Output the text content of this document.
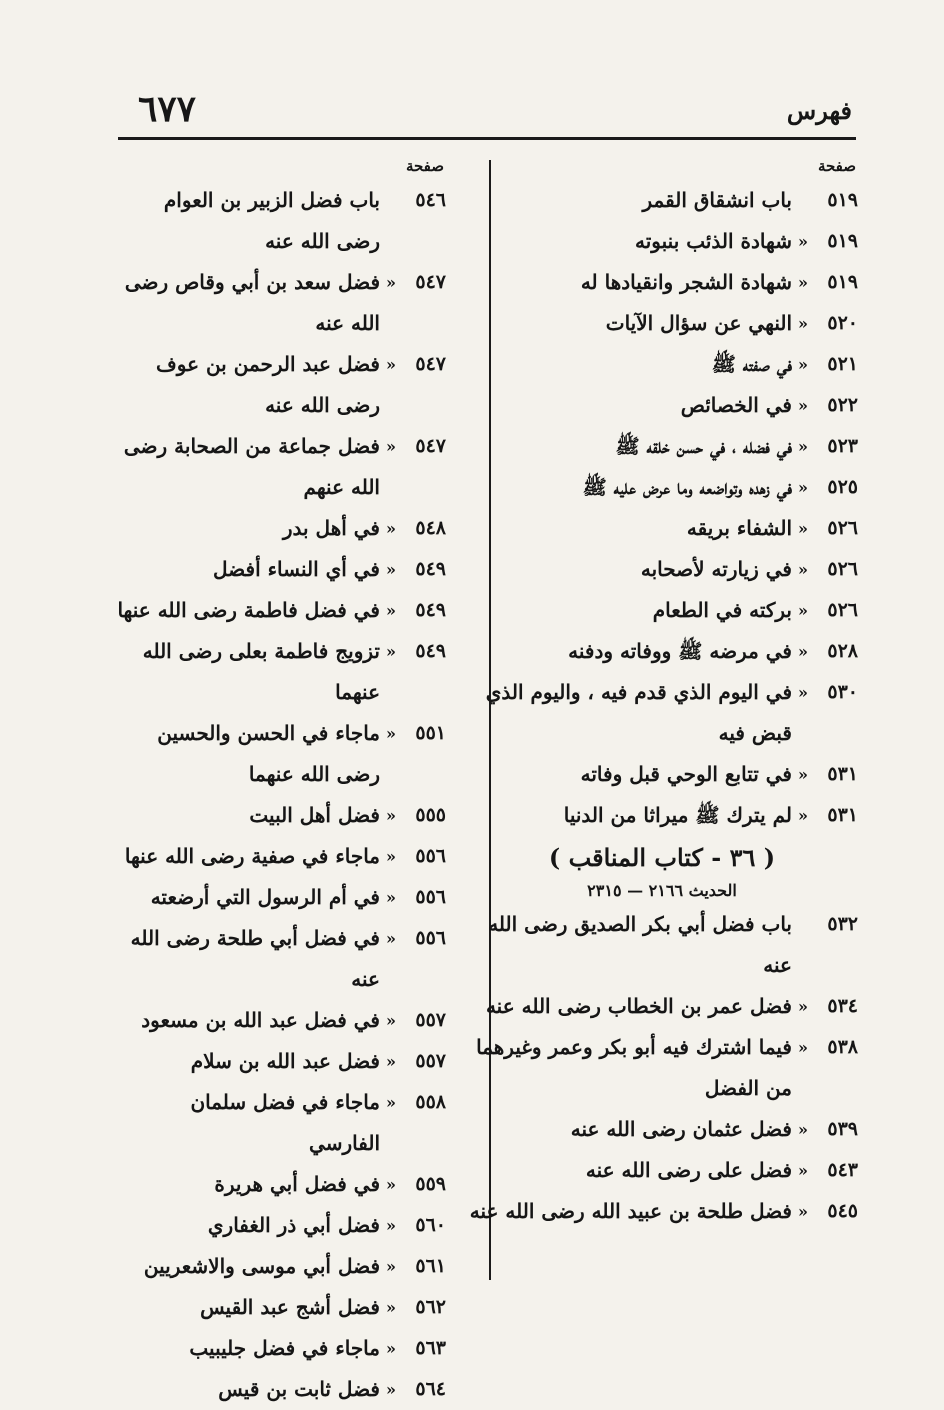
فهرس
٦٧٧
صفحة
٥١٩
باب انشقاق القمر
٥١٩
«
شهادة الذئب بنبوته
٥١٩
«
شهادة الشجر وانقيادها له
٥٢٠
«
النهي عن سؤال الآيات
٥٢١
«
في صفته ﷺ
٥٢٢
«
في الخصائص
٥٢٣
«
في فضله ، في حسن خلقه ﷺ
٥٢٥
«
في زهده وتواضعه وما عرض عليه ﷺ
٥٢٦
«
الشفاء بريقه
٥٢٦
«
في زيارته لأصحابه
٥٢٦
«
بركته في الطعام
٥٢٨
«
في مرضه ﷺ ووفاته ودفنه
٥٣٠
«
في اليوم الذي قدم فيه ، واليوم الذي قبض فيه
٥٣١
«
في تتابع الوحي قبل وفاته
٥٣١
«
لم يترك ﷺ ميراثا من الدنيا
( ٣٦ - كتاب المناقب )
الحديث ٢١٦٦ — ٢٣١٥
٥٣٢
باب فضل أبي بكر الصديق رضى الله عنه
٥٣٤
«
فضل عمر بن الخطاب رضى الله عنه
٥٣٨
«
فيما اشترك فيه أبو بكر وعمر وغيرهما من الفضل
٥٣٩
«
فضل عثمان رضى الله عنه
٥٤٣
«
فضل على رضى الله عنه
٥٤٥
«
فضل طلحة بن عبيد الله رضى الله عنه
صفحة
٥٤٦
باب فضل الزبير بن العوام رضى الله عنه
٥٤٧
«
فضل سعد بن أبي وقاص رضى الله عنه
٥٤٧
«
فضل عبد الرحمن بن عوف رضى الله عنه
٥٤٧
«
فضل جماعة من الصحابة رضى الله عنهم
٥٤٨
«
في أهل بدر
٥٤٩
«
في أي النساء أفضل
٥٤٩
«
في فضل فاطمة رضى الله عنها
٥٤٩
«
تزويج فاطمة بعلى رضى الله عنهما
٥٥١
«
ماجاء في الحسن والحسين رضى الله عنهما
٥٥٥
«
فضل أهل البيت
٥٥٦
«
ماجاء في صفية رضى الله عنها
٥٥٦
«
في أم الرسول التي أرضعته
٥٥٦
«
في فضل أبي طلحة رضى الله عنه
٥٥٧
«
في فضل عبد الله بن مسعود
٥٥٧
«
فضل عبد الله بن سلام
٥٥٨
«
ماجاء في فضل سلمان الفارسي
٥٥٩
«
في فضل أبي هريرة
٥٦٠
«
فضل أبي ذر الغفاري
٥٦١
«
فضل أبي موسى والاشعريين
٥٦٢
«
فضل أشج عبد القيس
٥٦٣
«
ماجاء في فضل جليبيب
٥٦٤
«
فضل ثابت بن قيس
